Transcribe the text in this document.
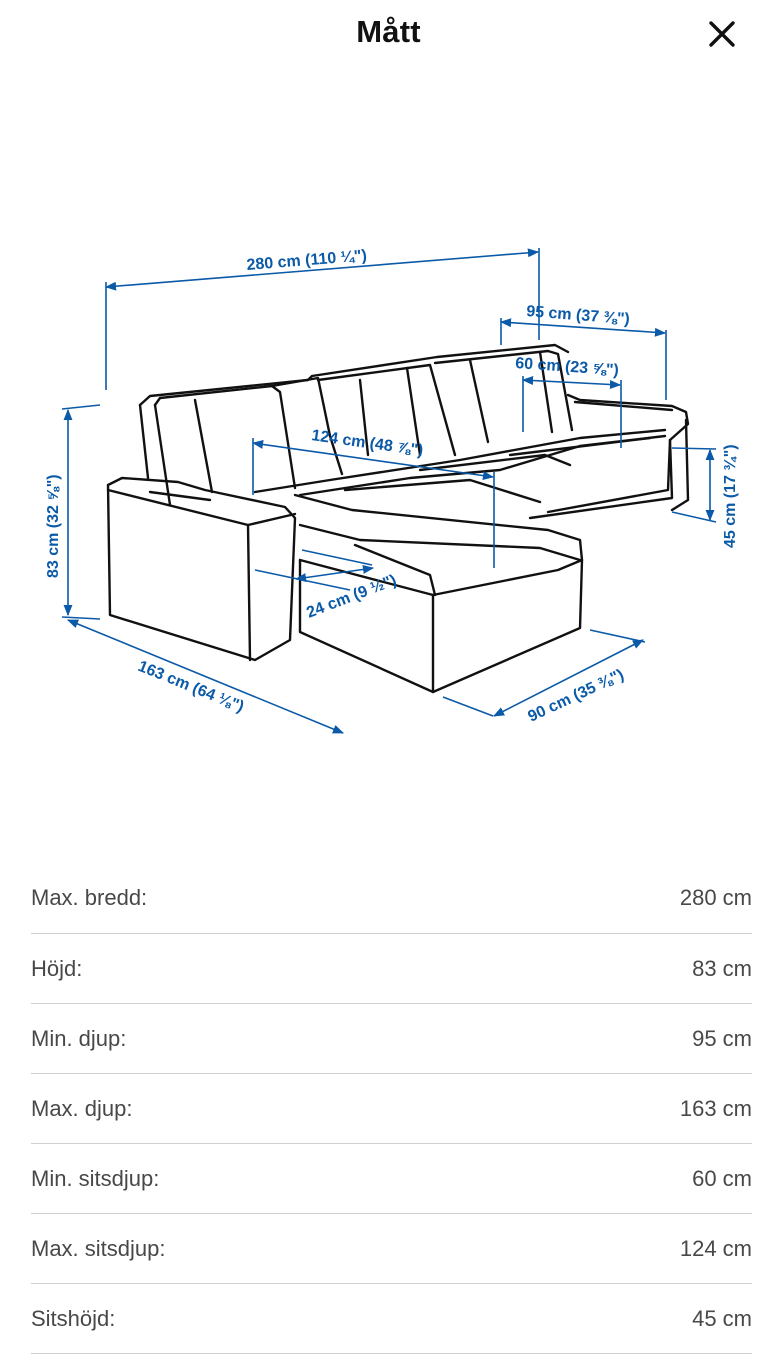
Mått
280 cm (110 ¼")
95 cm (37 ⅜")
60 cm (23 ⅝")
124 cm (48 ⅞")
83 cm (32 ⅝")	45 cm (17 ¾")
24 cm (9 ½")
163 cm (64 ⅛")	90 cm (35 ⅜")
Max. bredd:	280 cm
Höjd:	83 cm
Min. djup:	95 cm
Max. djup:	163 cm
Min. sitsdjup:	60 cm
Max. sitsdjup:	124 cm
Sitshöjd:	45 cm
